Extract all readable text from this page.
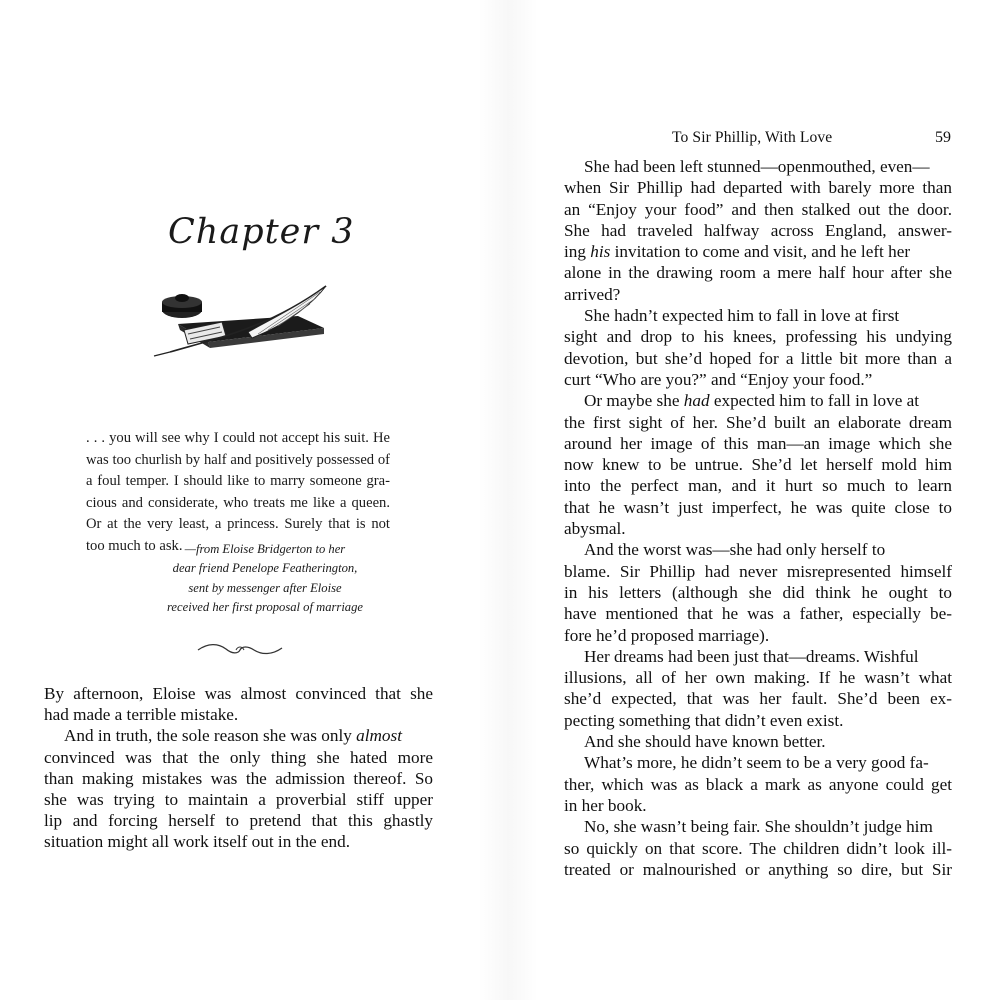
Chapter 3
. . . you will see why I could not accept his suit. He
was too churlish by half and positively possessed of
a foul temper. I should like to marry someone gra-
cious and considerate, who treats me like a queen.
Or at the very least, a princess. Surely that is not
too much to ask. —from Eloise Bridgerton to her
dear friend Penelope Featherington,
sent by messenger after Eloise
received her first proposal of marriage
By afternoon, Eloise was almost convinced that she
had made a terrible mistake.
And in truth, the sole reason she was only almost
convinced was that the only thing she hated more
than making mistakes was the admission thereof. So
she was trying to maintain a proverbial stiff upper
lip and forcing herself to pretend that this ghastly
situation might all work itself out in the end.
To Sir Phillip, With Love	59
She had been left stunned—openmouthed, even—
when Sir Phillip had departed with barely more than
an “Enjoy your food” and then stalked out the door.
She had traveled halfway across England, answer-
ing his invitation to come and visit, and he left her
alone in the drawing room a mere half hour after she
arrived?
She hadn’t expected him to fall in love at first
sight and drop to his knees, professing his undying
devotion, but she’d hoped for a little bit more than a
curt “Who are you?” and “Enjoy your food.”
Or maybe she had expected him to fall in love at
the first sight of her. She’d built an elaborate dream
around her image of this man—an image which she
now knew to be untrue. She’d let herself mold him
into the perfect man, and it hurt so much to learn
that he wasn’t just imperfect, he was quite close to
abysmal.
And the worst was—she had only herself to
blame. Sir Phillip had never misrepresented himself
in his letters (although she did think he ought to
have mentioned that he was a father, especially be-
fore he’d proposed marriage).
Her dreams had been just that—dreams. Wishful
illusions, all of her own making. If he wasn’t what
she’d expected, that was her fault. She’d been ex-
pecting something that didn’t even exist.
And she should have known better.
What’s more, he didn’t seem to be a very good fa-
ther, which was as black a mark as anyone could get
in her book.
No, she wasn’t being fair. She shouldn’t judge him
so quickly on that score. The children didn’t look ill-
treated or malnourished or anything so dire, but Sir
